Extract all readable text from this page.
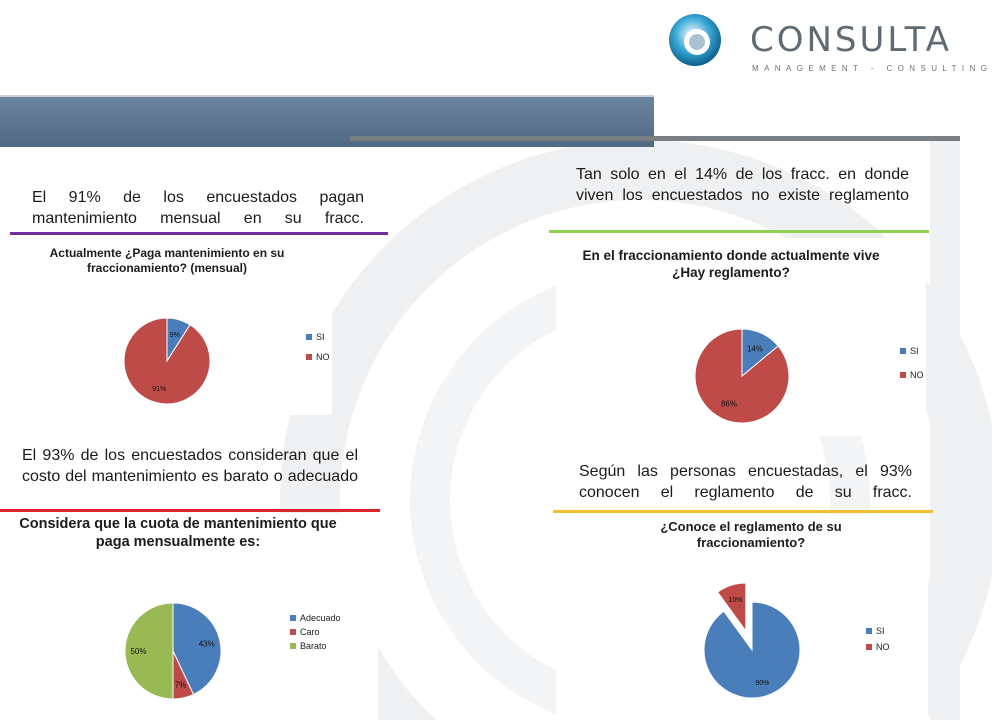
CONSULTA
MANAGEMENT - CONSULTING
El 91% de los encuestados pagan mantenimiento mensual en su fracc.
Tan solo en el 14% de los fracc. en donde viven los encuestados no existe reglamento
El 93% de los encuestados consideran que el costo del mantenimiento es barato o adecuado	Según las personas encuestadas, el 93% conocen el reglamento de su fracc.
Actualmente ¿Paga mantenimiento en su fraccionamiento? (mensual)
9%
91%
SI
NO
En el fraccionamiento donde actualmente vive ¿Hay reglamento?
14%
86%
SI
NO
Considera que la cuota de mantenimiento que paga mensualmente es:
43%
7%
50%
Adecuado
Caro
Barato
¿Conoce el reglamento de su fraccionamiento?
90%
10%
SI
NO
